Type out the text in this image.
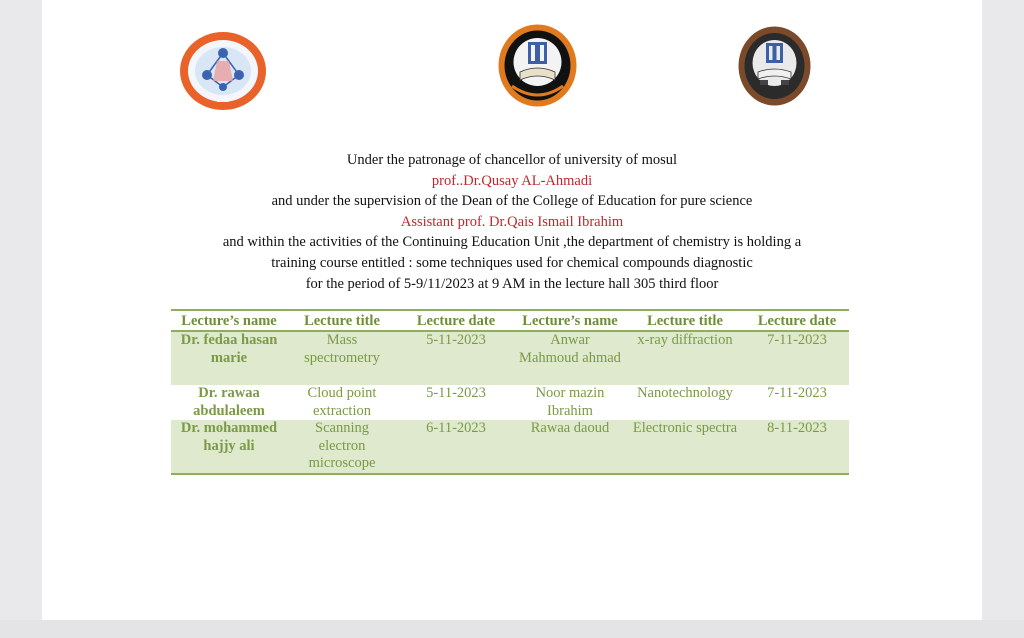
1975
Under the patronage of chancellor of university of mosul
prof..Dr.Qusay AL-Ahmadi
and under the supervision of the Dean of the College of Education for pure science
Assistant prof. Dr.Qais Ismail Ibrahim
and within the activities of the Continuing Education Unit ,the department of chemistry is holding a
training course entitled : some techniques used for chemical compounds diagnostic
for the period of 5-9/11/2023 at 9 AM in the lecture hall 305 third floor
Lecture’s name	Lecture title	Lecture date	Lecture’s name	Lecture title	Lecture date
Dr. fedaa hasan marie	Mass spectrometry	5-11-2023	Anwar Mahmoud ahmad	x-ray diffraction	7-11-2023
Dr. rawaa abdulaleem	Cloud point extraction	5-11-2023	Noor mazin Ibrahim	Nanotechnology	7-11-2023
Dr. mohammed hajjy ali	Scanning electron microscope	6-11-2023	Rawaa daoud	Electronic spectra	8-11-2023
